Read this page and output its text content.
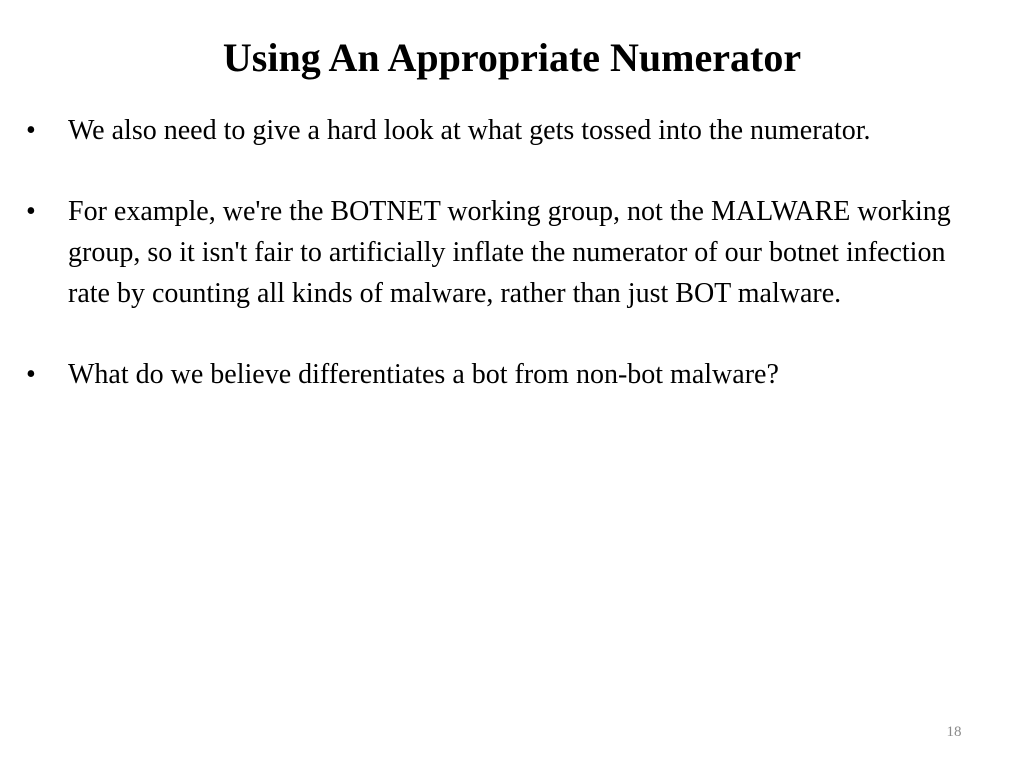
Using An Appropriate Numerator
•	We also need to give a hard look at what gets tossed into the numerator.
•	For example, we're the BOTNET working group, not the MALWARE working group, so it isn't fair to artificially inflate the numerator of our botnet infection rate by counting all kinds of malware, rather than just BOT malware.
•	What do we believe differentiates a bot from non-bot malware?
18
